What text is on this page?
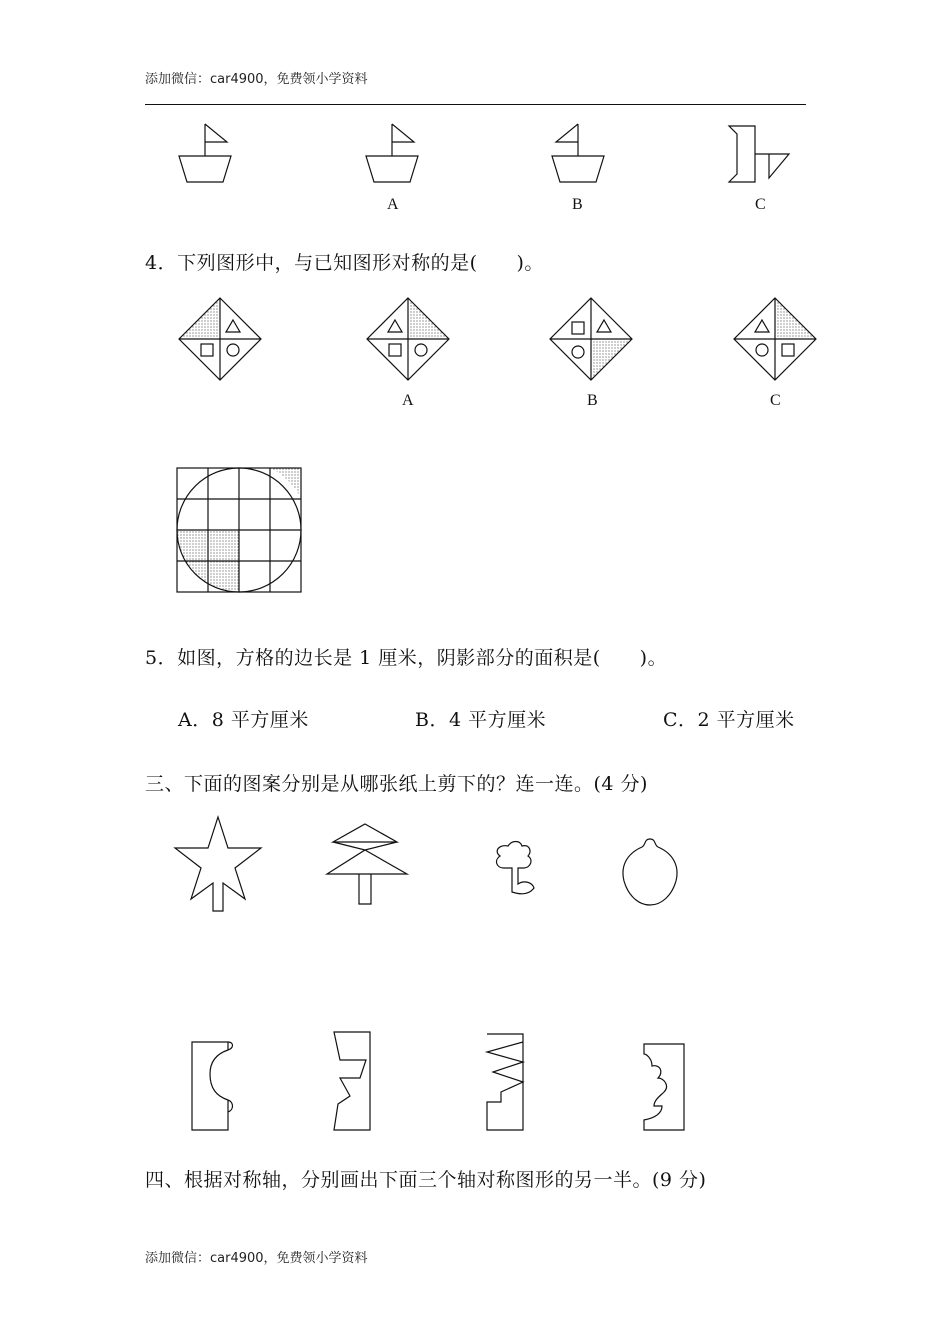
添加微信：car4900，免费领小学资料
A	B	C
4．下列图形中，与已知图形对称的是(　　)。
A	B	C
5．如图，方格的边长是 1 厘米，阴影部分的面积是(　　)。
A．8 平方厘米	B．4 平方厘米	C．2 平方厘米
三、下面的图案分别是从哪张纸上剪下的？连一连。(4 分)
四、根据对称轴，分别画出下面三个轴对称图形的另一半。(9 分)
添加微信：car4900，免费领小学资料
